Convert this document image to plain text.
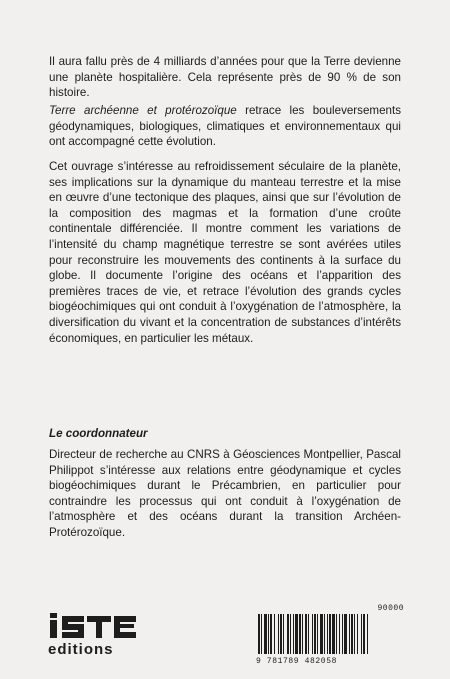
Il aura fallu près de 4 milliards d’années pour que la Terre devienne une planète hospitalière. Cela représente près de 90 % de son histoire.

Terre archéenne et protérozoïque retrace les bouleversements géodynamiques, biologiques, climatiques et environnementaux qui ont accompagné cette évolution.

Cet ouvrage s’intéresse au refroidissement séculaire de la planète, ses implications sur la dynamique du manteau terrestre et la mise en œuvre d’une tectonique des plaques, ainsi que sur l’évolution de la composition des magmas et la formation d’une croûte continentale différenciée. Il montre comment les variations de l’intensité du champ magnétique terrestre se sont avérées utiles pour reconstruire les mouvements des continents à la surface du globe. Il documente l’origine des océans et l’apparition des premières traces de vie, et retrace l’évolution des grands cycles biogéochimiques qui ont conduit à l’oxygénation de l’atmosphère, la diversification du vivant et la concentration de substances d’intérêts économiques, en particulier les métaux.

Le coordonnateur

Directeur de recherche au CNRS à Géosciences Montpellier, Pascal Philippot s’intéresse aux relations entre géodynamique et cycles biogéochimiques durant le Précambrien, en particulier pour contraindre les processus qui ont conduit à l’oxygénation de l’atmosphère et des océans durant la transition Archéen-Protérozoïque.

editions
90000
9 781789 482058
